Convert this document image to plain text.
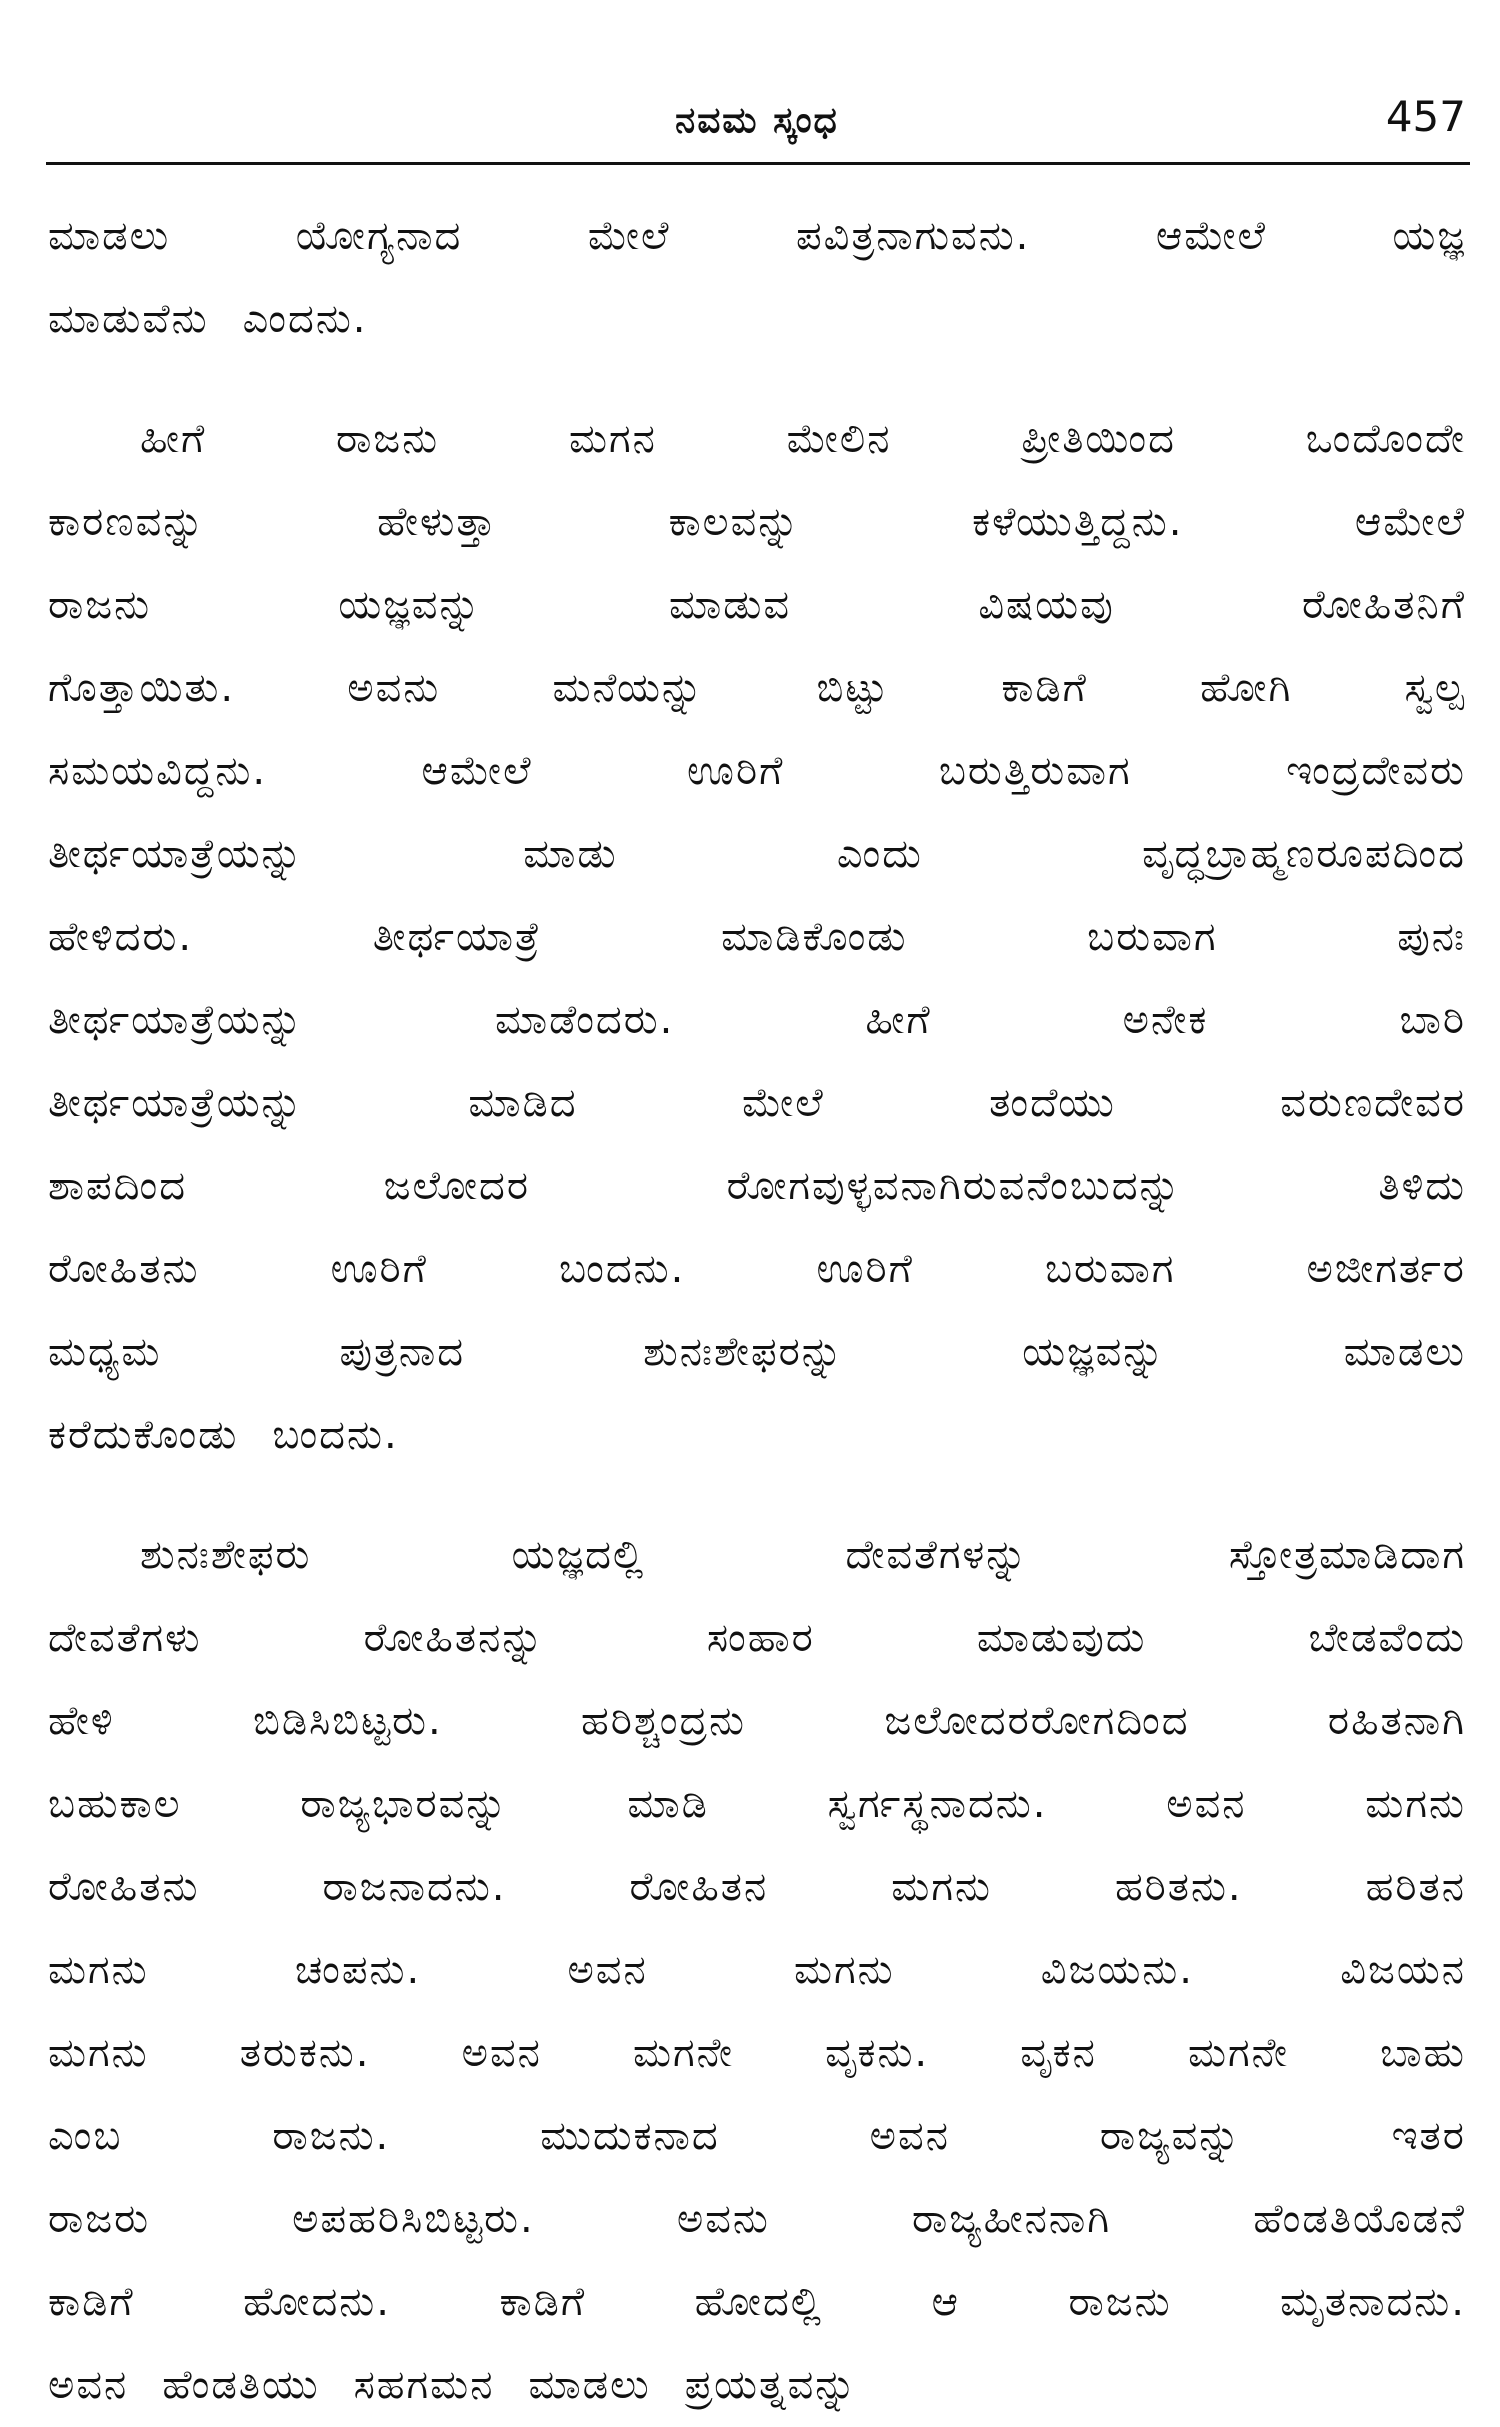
ನವಮ ಸ್ಕಂಧ	457
ಮಾಡಲು	ಯೋಗ್ಯನಾದ	ಮೇಲೆ	ಪವಿತ್ರನಾಗುವನು.	ಆಮೇಲೆ	ಯಜ್ಞ
ಮಾಡುವೆನು ಎಂದನು.
ಹೀಗೆ	ರಾಜನು	ಮಗನ	ಮೇಲಿನ	ಪ್ರೀತಿಯಿಂದ	ಒಂದೊಂದೇ
ಕಾರಣವನ್ನು	ಹೇಳುತ್ತಾ	ಕಾಲವನ್ನು	ಕಳೆಯುತ್ತಿದ್ದನು.	ಆಮೇಲೆ
ರಾಜನು	ಯಜ್ಞವನ್ನು	ಮಾಡುವ	ವಿಷಯವು	ರೋಹಿತನಿಗೆ
ಗೊತ್ತಾಯಿತು.	ಅವನು	ಮನೆಯನ್ನು	ಬಿಟ್ಟು	ಕಾಡಿಗೆ	ಹೋಗಿ	ಸ್ವಲ್ಪ
ಸಮಯವಿದ್ದನು.	ಆಮೇಲೆ	ಊರಿಗೆ	ಬರುತ್ತಿರುವಾಗ	ಇಂದ್ರದೇವರು
ತೀರ್ಥಯಾತ್ರೆಯನ್ನು	ಮಾಡು	ಎಂದು	ವೃದ್ಧಬ್ರಾಹ್ಮಣರೂಪದಿಂದ
ಹೇಳಿದರು.	ತೀರ್ಥಯಾತ್ರೆ	ಮಾಡಿಕೊಂಡು	ಬರುವಾಗ	ಪುನಃ
ತೀರ್ಥಯಾತ್ರೆಯನ್ನು	ಮಾಡೆಂದರು.	ಹೀಗೆ	ಅನೇಕ	ಬಾರಿ
ತೀರ್ಥಯಾತ್ರೆಯನ್ನು	ಮಾಡಿದ	ಮೇಲೆ	ತಂದೆಯು	ವರುಣದೇವರ
ಶಾಪದಿಂದ	ಜಲೋದರ	ರೋಗವುಳ್ಳವನಾಗಿರುವನೆಂಬುದನ್ನು	ತಿಳಿದು
ರೋಹಿತನು	ಊರಿಗೆ	ಬಂದನು.	ಊರಿಗೆ	ಬರುವಾಗ	ಅಜೀಗರ್ತರ
ಮಧ್ಯಮ	ಪುತ್ರನಾದ	ಶುನಃಶೇಫರನ್ನು	ಯಜ್ಞವನ್ನು	ಮಾಡಲು
ಕರೆದುಕೊಂಡು ಬಂದನು.
ಶುನಃಶೇಫರು	ಯಜ್ಞದಲ್ಲಿ	ದೇವತೆಗಳನ್ನು	ಸ್ತೋತ್ರಮಾಡಿದಾಗ
ದೇವತೆಗಳು	ರೋಹಿತನನ್ನು	ಸಂಹಾರ	ಮಾಡುವುದು	ಬೇಡವೆಂದು
ಹೇಳಿ	ಬಿಡಿಸಿಬಿಟ್ಟರು.	ಹರಿಶ್ಚಂದ್ರನು	ಜಲೋದರರೋಗದಿಂದ	ರಹಿತನಾಗಿ
ಬಹುಕಾಲ	ರಾಜ್ಯಭಾರವನ್ನು	ಮಾಡಿ	ಸ್ವರ್ಗಸ್ಥನಾದನು.	ಅವನ	ಮಗನು
ರೋಹಿತನು	ರಾಜನಾದನು.	ರೋಹಿತನ	ಮಗನು	ಹರಿತನು.	ಹರಿತನ
ಮಗನು	ಚಂಪನು.	ಅವನ	ಮಗನು	ವಿಜಯನು.	ವಿಜಯನ
ಮಗನು ತರುಕನು. ಅವನ ಮಗನೇ ವೃಕನು. ವೃಕನ ಮಗನೇ ಬಾಹು
ಎಂಬ	ರಾಜನು.	ಮುದುಕನಾದ	ಅವನ	ರಾಜ್ಯವನ್ನು	ಇತರ
ರಾಜರು	ಅಪಹರಿಸಿಬಿಟ್ಟರು.	ಅವನು	ರಾಜ್ಯಹೀನನಾಗಿ	ಹೆಂಡತಿಯೊಡನೆ
ಕಾಡಿಗೆ	ಹೋದನು.	ಕಾಡಿಗೆ	ಹೋದಲ್ಲಿ	ಆ	ರಾಜನು	ಮೃತನಾದನು.
ಅವನ ಹೆಂಡತಿಯು ಸಹಗಮನ ಮಾಡಲು ಪ್ರಯತ್ನವನ್ನು
